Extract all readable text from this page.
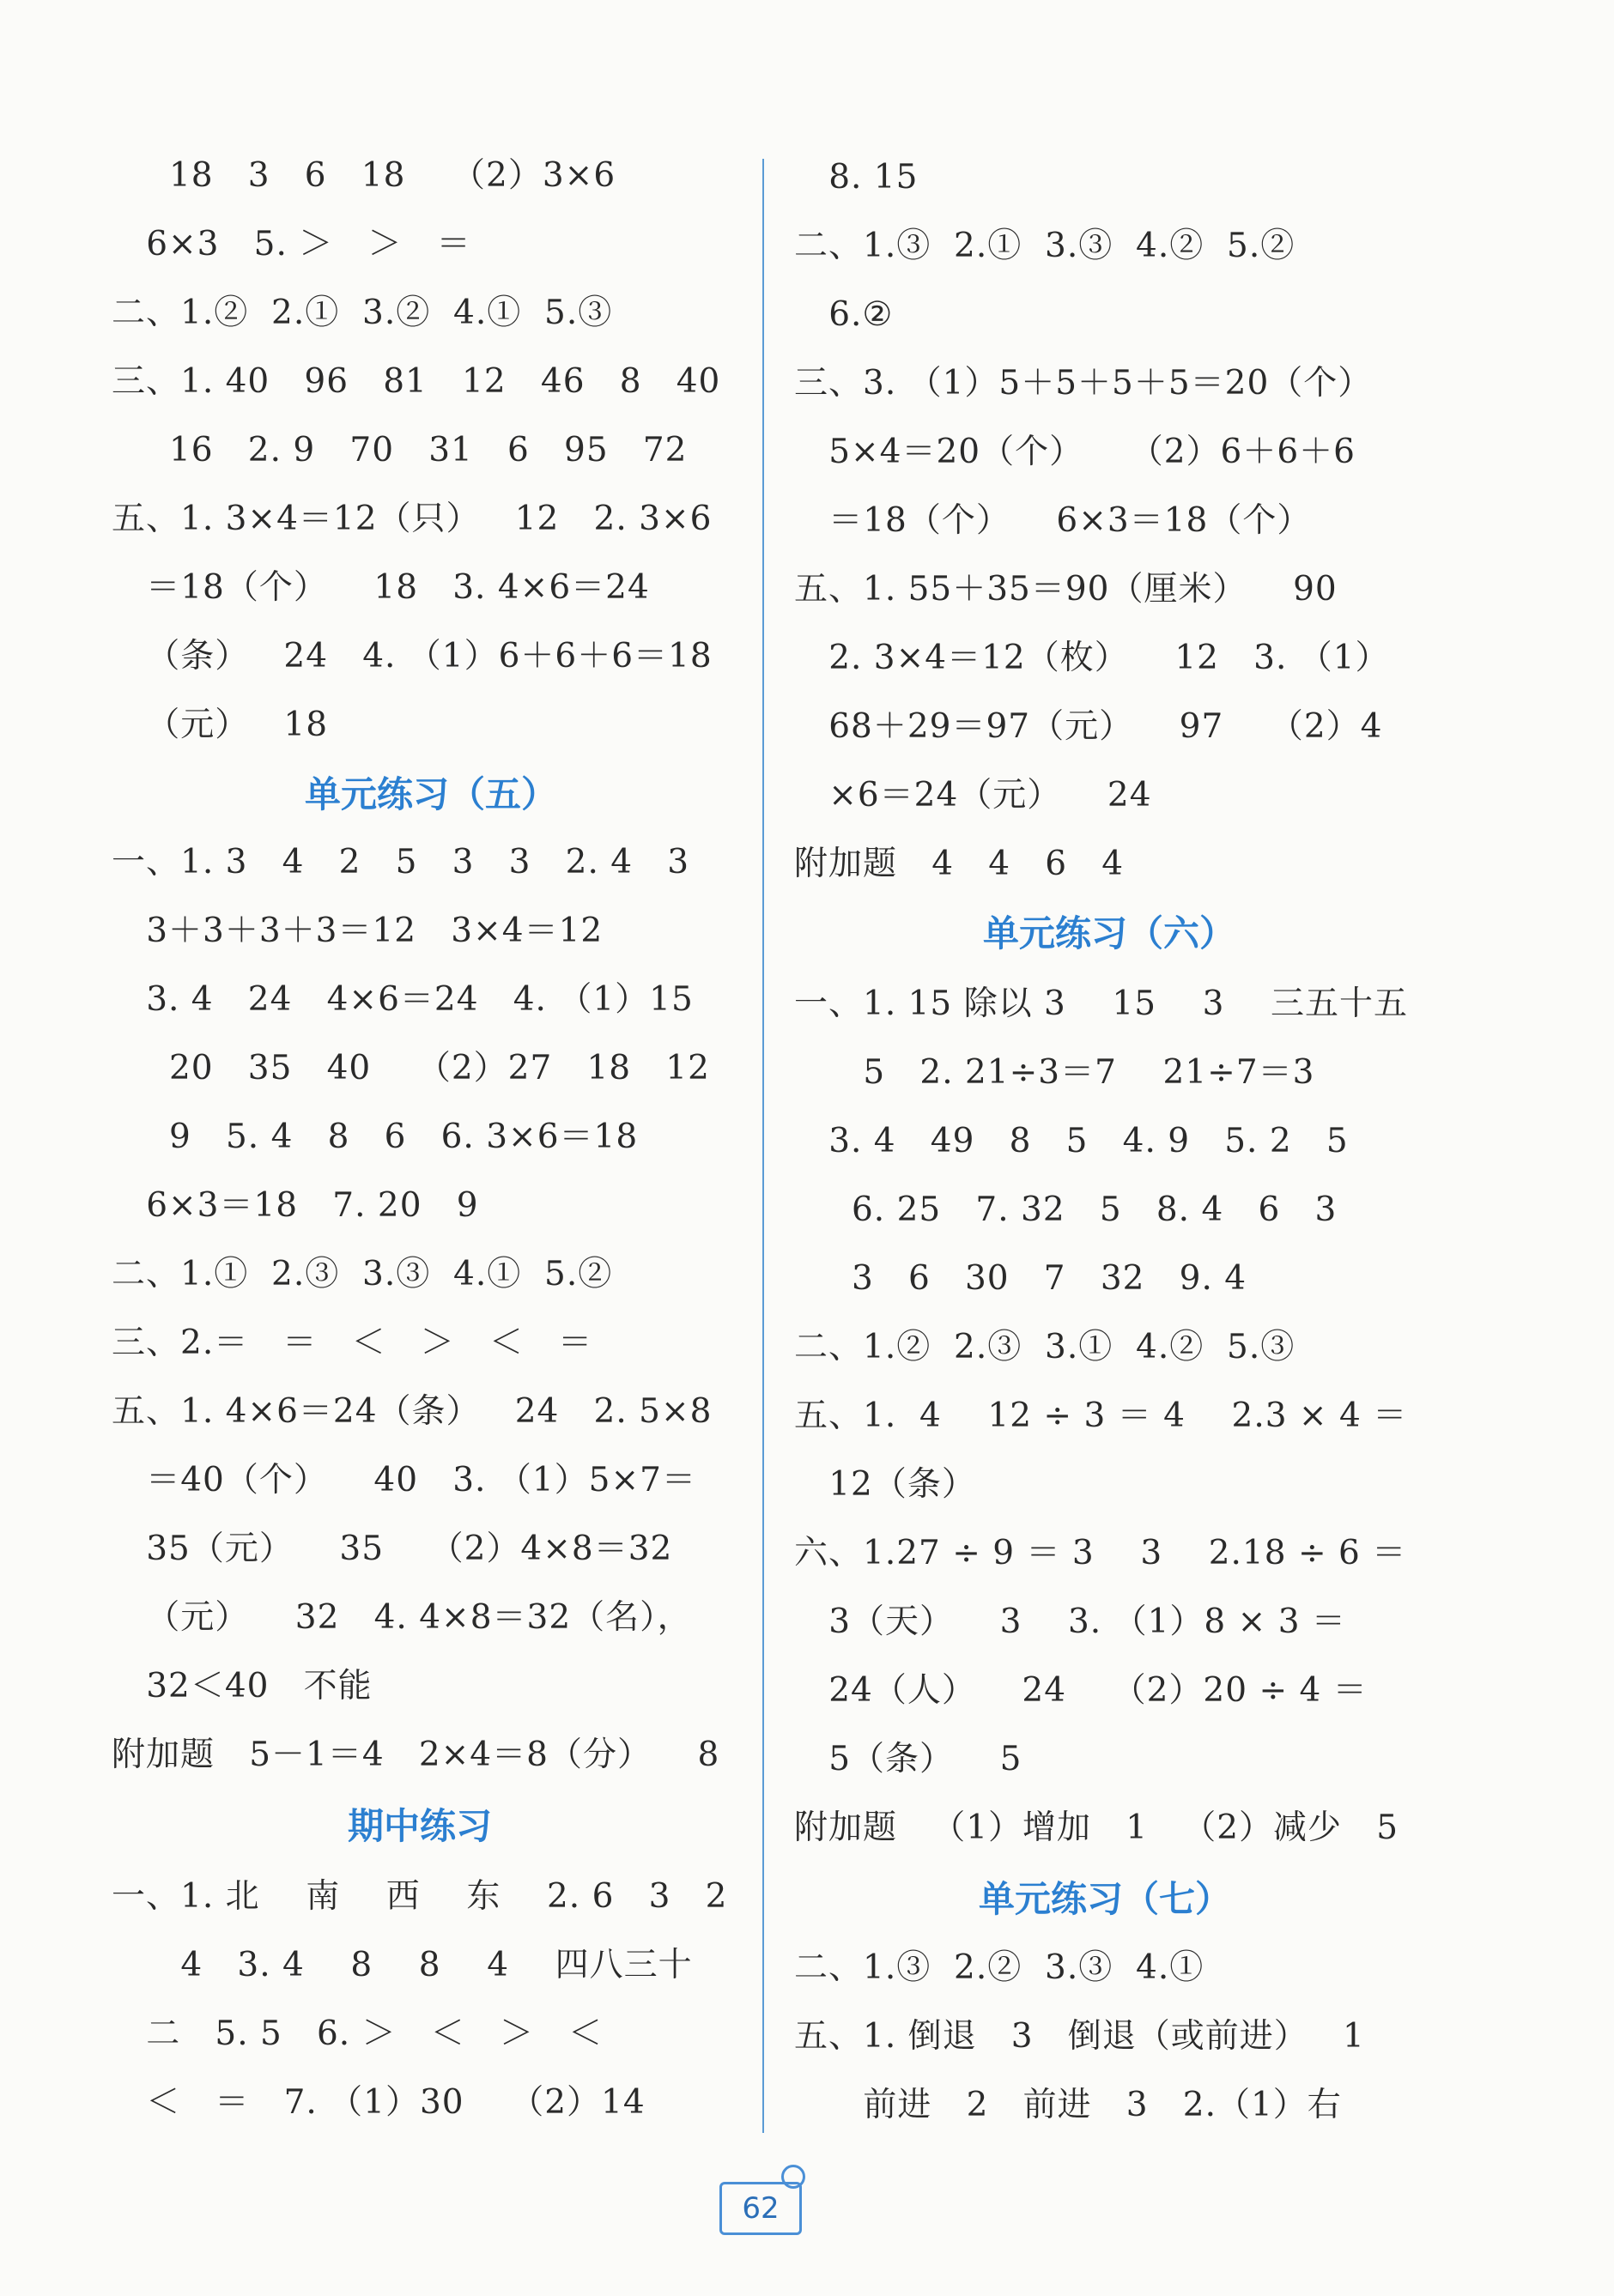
18   3   6   18    （2）3×6
6×3   5. ＞   ＞   ＝
二、1.②  2.①  3.②  4.①  5.③
三、1. 40   96   81   12   46   8   40
16   2. 9   70   31   6   95   72
五、1. 3×4＝12（只）   12   2. 3×6
＝18（个）    18   3. 4×6＝24
（条）   24   4. （1）6＋6＋6＝18
（元）   18
单元练习（五）
一、1. 3   4   2   5   3   3   2. 4   3
3＋3＋3＋3＝12   3×4＝12
3. 4   24   4×6＝24   4. （1）15
20   35   40    （2）27   18   12
9   5. 4   8   6   6. 3×6＝18
6×3＝18   7. 20   9
二、1.①  2.③  3.③  4.①  5.②
三、2.＝   ＝   ＜   ＞   ＜   ＝
五、1. 4×6＝24（条）   24   2. 5×8
＝40（个）    40   3. （1）5×7＝
35（元）    35    （2）4×8＝32
（元）    32   4. 4×8＝32（名），
32＜40   不能
附加题   5－1＝4   2×4＝8（分）    8
期中练习
一、1. 北    南    西    东    2. 6   3   2
4   3. 4    8    8    4    四八三十
二   5. 5   6. ＞   ＜   ＞   ＜
＜   ＝   7. （1）30    （2）14
8. 15
二、1.③  2.①  3.③  4.②  5.②
6.②
三、3. （1）5＋5＋5＋5＝20（个）
5×4＝20（个）    （2）6＋6＋6
＝18（个）    6×3＝18（个）
五、1. 55＋35＝90（厘米）    90
2. 3×4＝12（枚）    12   3. （1）
68＋29＝97（元）    97    （2）4
×6＝24（元）    24
附加题   4   4   6   4
单元练习（六）
一、1. 15 除以 3    15    3    三五十五
5   2. 21÷3＝7    21÷7＝3
3. 4   49   8   5   4. 9   5. 2   5
6. 25   7. 32   5   8. 4   6   3
3   6   30   7   32   9. 4
二、1.②  2.③  3.①  4.②  5.③
五、1.  4    12 ÷ 3 ＝ 4    2.3 × 4 ＝
12（条）
六、1.27 ÷ 9 ＝ 3    3    2.18 ÷ 6 ＝
3（天）    3    3. （1）8 × 3 ＝
24（人）    24    （2）20 ÷ 4 ＝
5（条）    5
附加题   （1）增加   1   （2）减少   5
单元练习（七）
二、1.③  2.②  3.③  4.①
五、1. 倒退   3   倒退（或前进）   1
前进   2   前进   3   2.（1）右
62
